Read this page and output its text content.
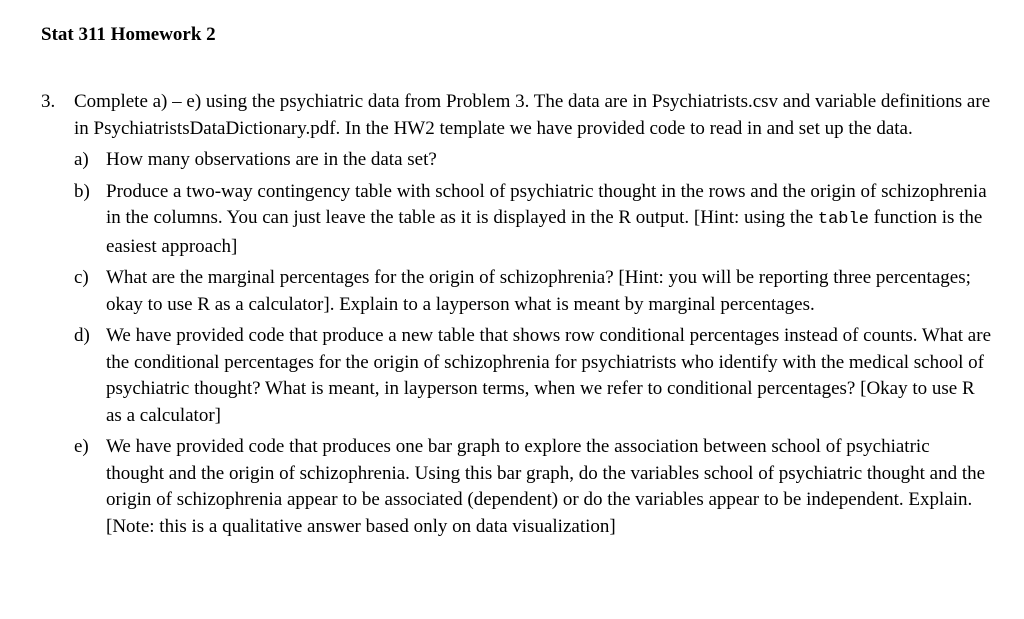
Stat 311 Homework 2
3. Complete a) – e) using the psychiatric data from Problem 3. The data are in Psychiatrists.csv and variable definitions are in PsychiatristsDataDictionary.pdf. In the HW2 template we have provided code to read in and set up the data.
a) How many observations are in the data set?
b) Produce a two-way contingency table with school of psychiatric thought in the rows and the origin of schizophrenia in the columns. You can just leave the table as it is displayed in the R output. [Hint: using the table function is the easiest approach]
c) What are the marginal percentages for the origin of schizophrenia? [Hint: you will be reporting three percentages; okay to use R as a calculator]. Explain to a layperson what is meant by marginal percentages.
d) We have provided code that produce a new table that shows row conditional percentages instead of counts. What are the conditional percentages for the origin of schizophrenia for psychiatrists who identify with the medical school of psychiatric thought? What is meant, in layperson terms, when we refer to conditional percentages? [Okay to use R as a calculator]
e) We have provided code that produces one bar graph to explore the association between school of psychiatric thought and the origin of schizophrenia. Using this bar graph, do the variables school of psychiatric thought and the origin of schizophrenia appear to be associated (dependent) or do the variables appear to be independent. Explain. [Note: this is a qualitative answer based only on data visualization]
